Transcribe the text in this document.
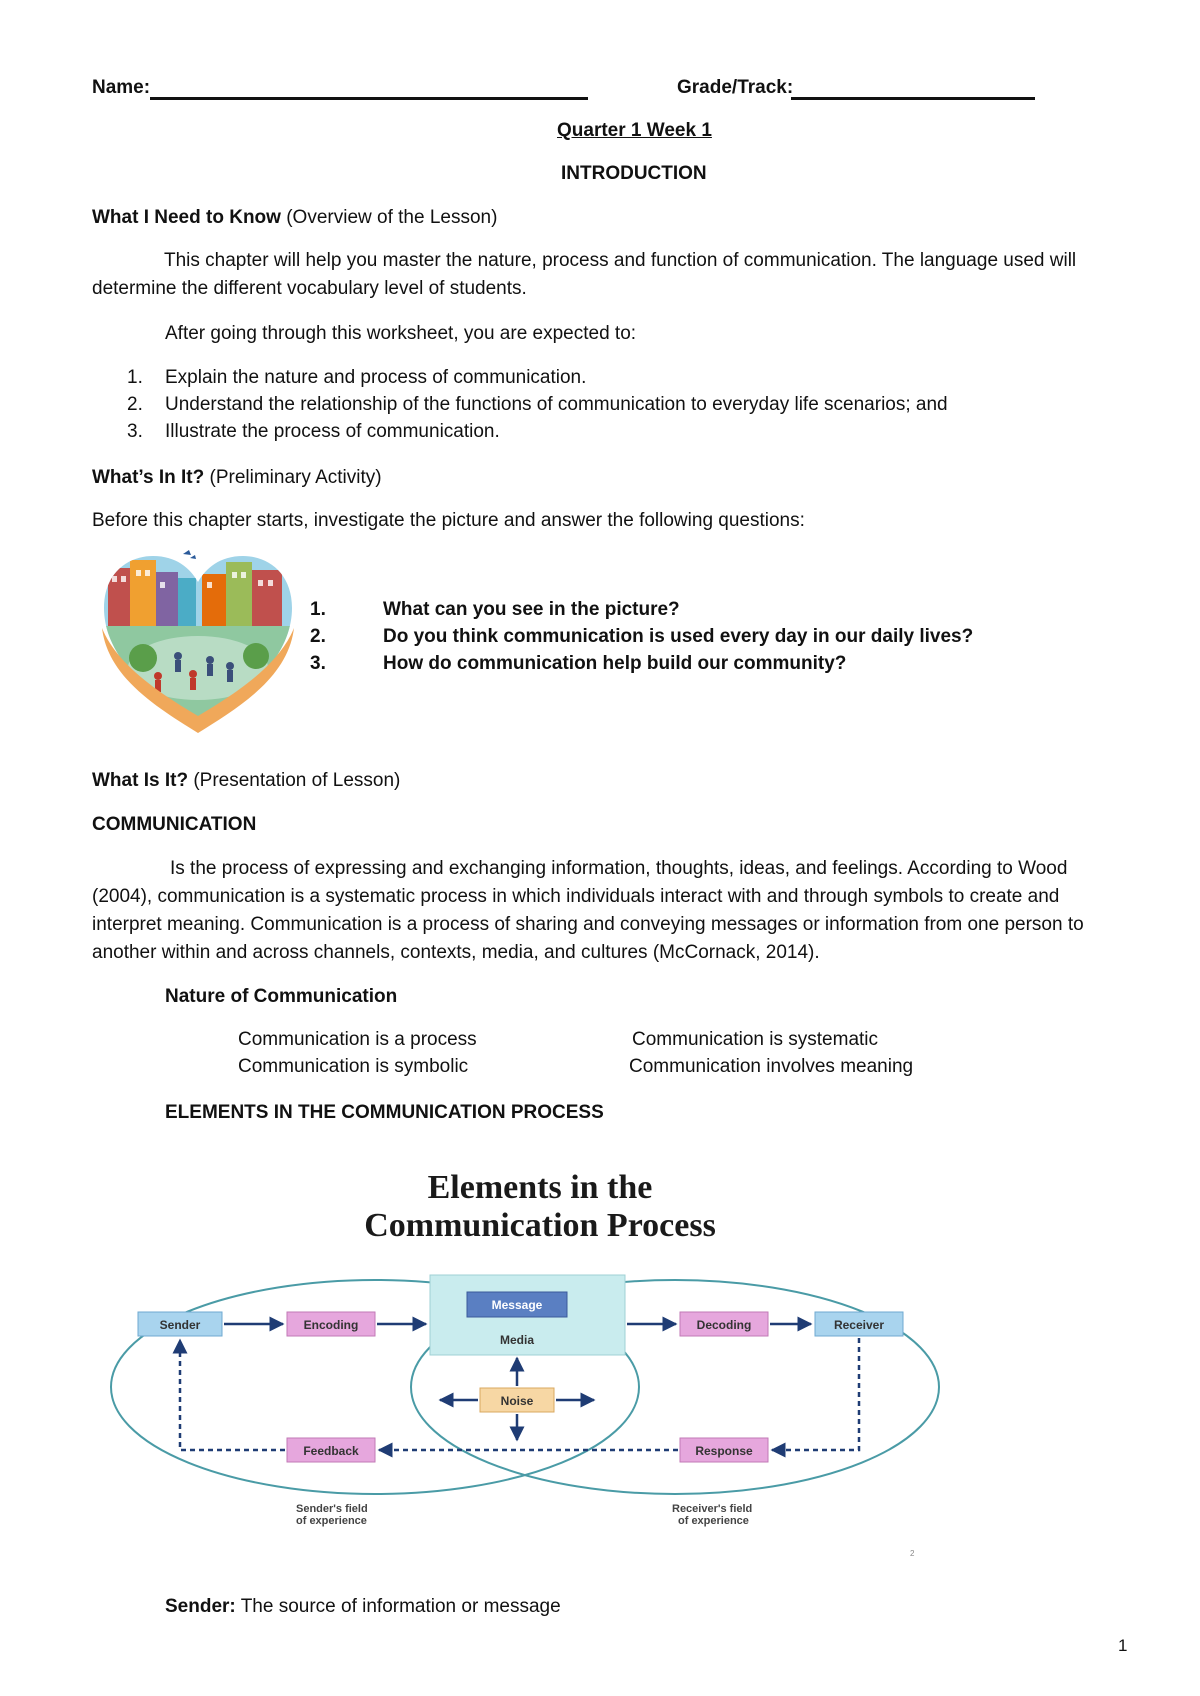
Name:	Grade/Track:
Quarter 1 Week 1
INTRODUCTION
What I Need to Know (Overview of the Lesson)
This chapter will help you master the nature, process and function of communication. The language used will determine the different vocabulary level of students.
After going through this worksheet, you are expected to:
1. Explain the nature and process of communication.
2. Understand the relationship of the functions of communication to everyday life scenarios; and
3. Illustrate the process of communication.
What’s In It? (Preliminary Activity)
Before this chapter starts, investigate the picture and answer the following questions:
1.	What can you see in the picture?
2.	Do you think communication is used every day in our daily lives?
3.	How do communication help build our community?
What Is It? (Presentation of Lesson)
COMMUNICATION
Is the process of expressing and exchanging information, thoughts, ideas, and feelings. According to Wood (2004), communication is a systematic process in which individuals interact with and through symbols to create and interpret meaning. Communication is a process of sharing and conveying messages or information from one person to another within and across channels, contexts, media, and cultures (McCornack, 2014).
Nature of Communication
Communication is a process	Communication is systematic
Communication is symbolic	Communication involves meaning
ELEMENTS IN THE COMMUNICATION PROCESS
Elements in the
Communication Process
Message
Media
Sender	Encoding	Decoding	Receiver
Noise
Feedback	Response
Sender's field
of experience
Receiver's field
of experience
2
Sender: The source of information or message
1
